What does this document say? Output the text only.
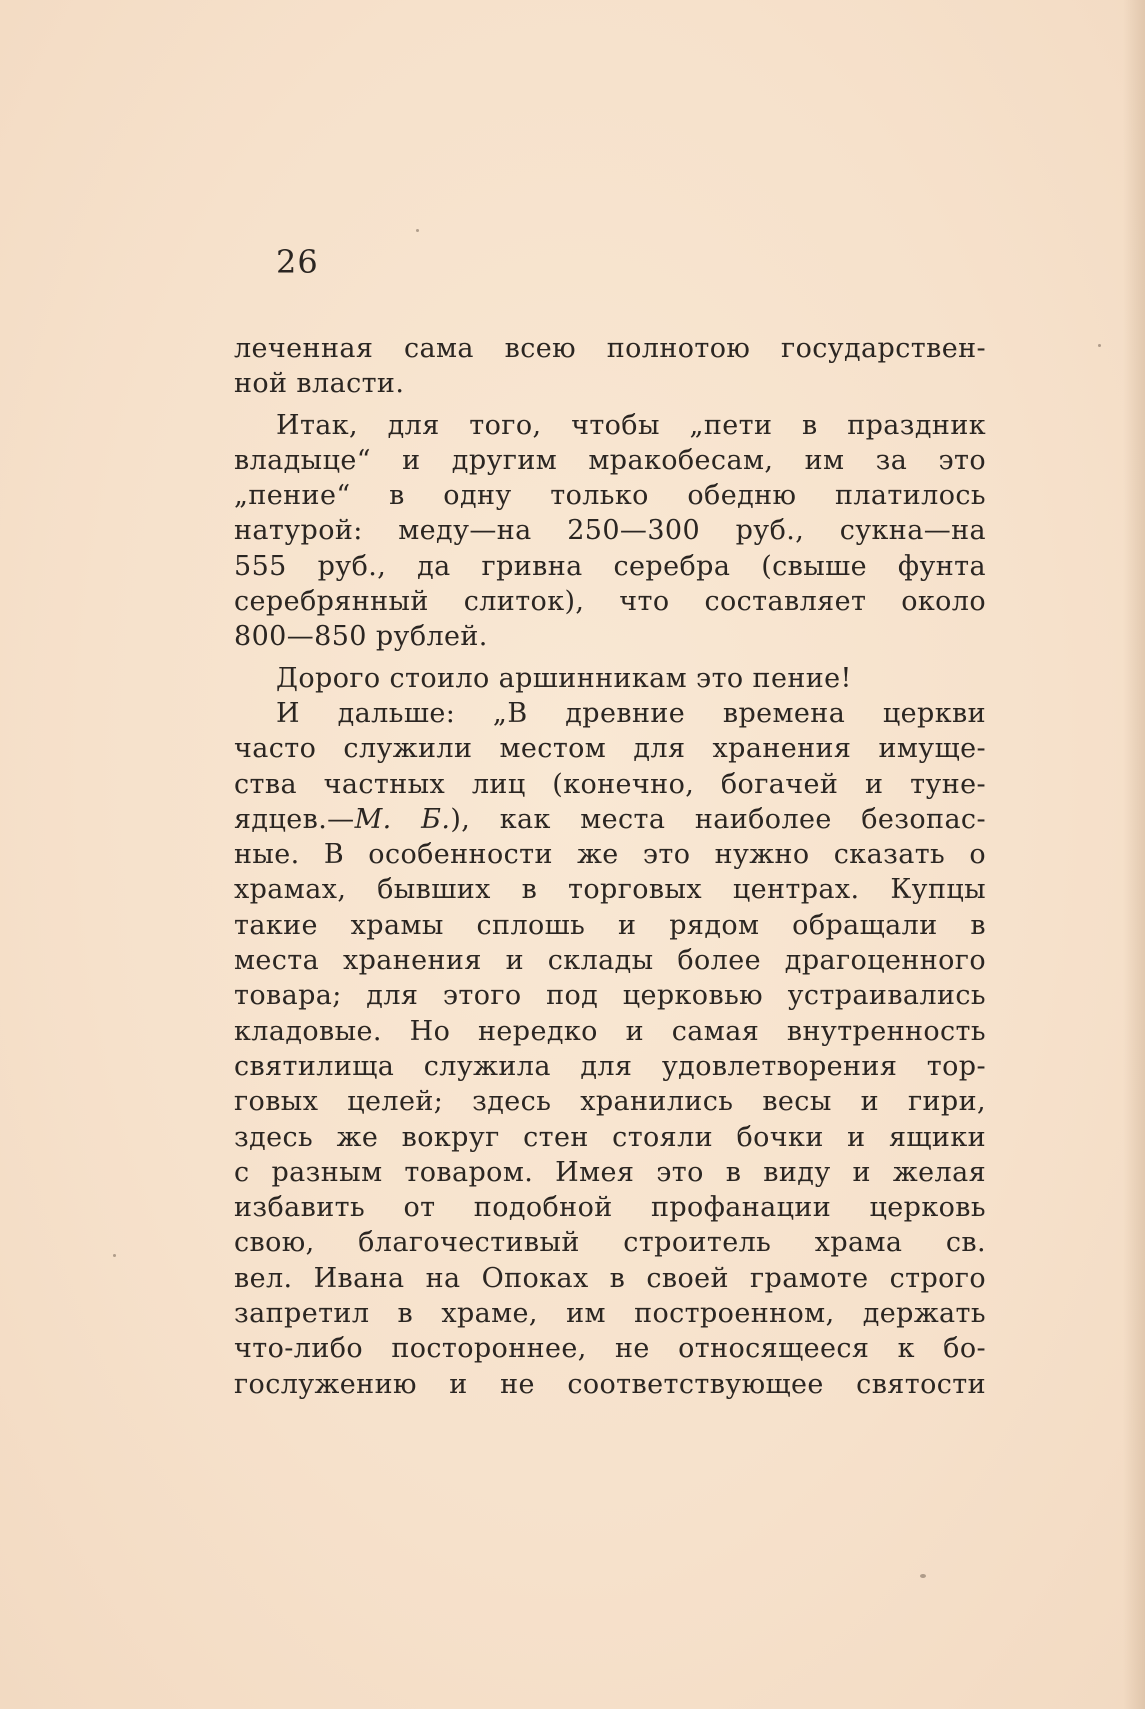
26
леченная сама всею полнотою государствен-
ной власти.
Итак, для того, чтобы „пети в праздник
владыце“ и другим мракобесам, им за это
„пение“ в одну только обедню платилось
натурой: меду—на 250—300 руб., сукна—на
555 руб., да гривна серебра (свыше фунта
серебрянный слиток), что составляет около
800—850 рублей.
Дорого стоило аршинникам это пение!
И дальше: „В древние времена церкви
часто служили местом для хранения имуще-
ства частных лиц (конечно, богачей и туне-
ядцев.—М. Б.), как места наиболее безопас-
ные. В особенности же это нужно сказать о
храмах, бывших в торговых центрах. Купцы
такие храмы сплошь и рядом обращали в
места хранения и склады более драгоценного
товара; для этого под церковью устраивались
кладовые. Но нередко и самая внутренность
святилища служила для удовлетворения тор-
говых целей; здесь хранились весы и гири,
здесь же вокруг стен стояли бочки и ящики
с разным товаром. Имея это в виду и желая
избавить от подобной профанации церковь
свою, благочестивый строитель храма св.
вел. Ивана на Опоках в своей грамоте строго
запретил в храме, им построенном, держать
что-либо постороннее, не относящееся к бо-
гослужению и не соответствующее святости
